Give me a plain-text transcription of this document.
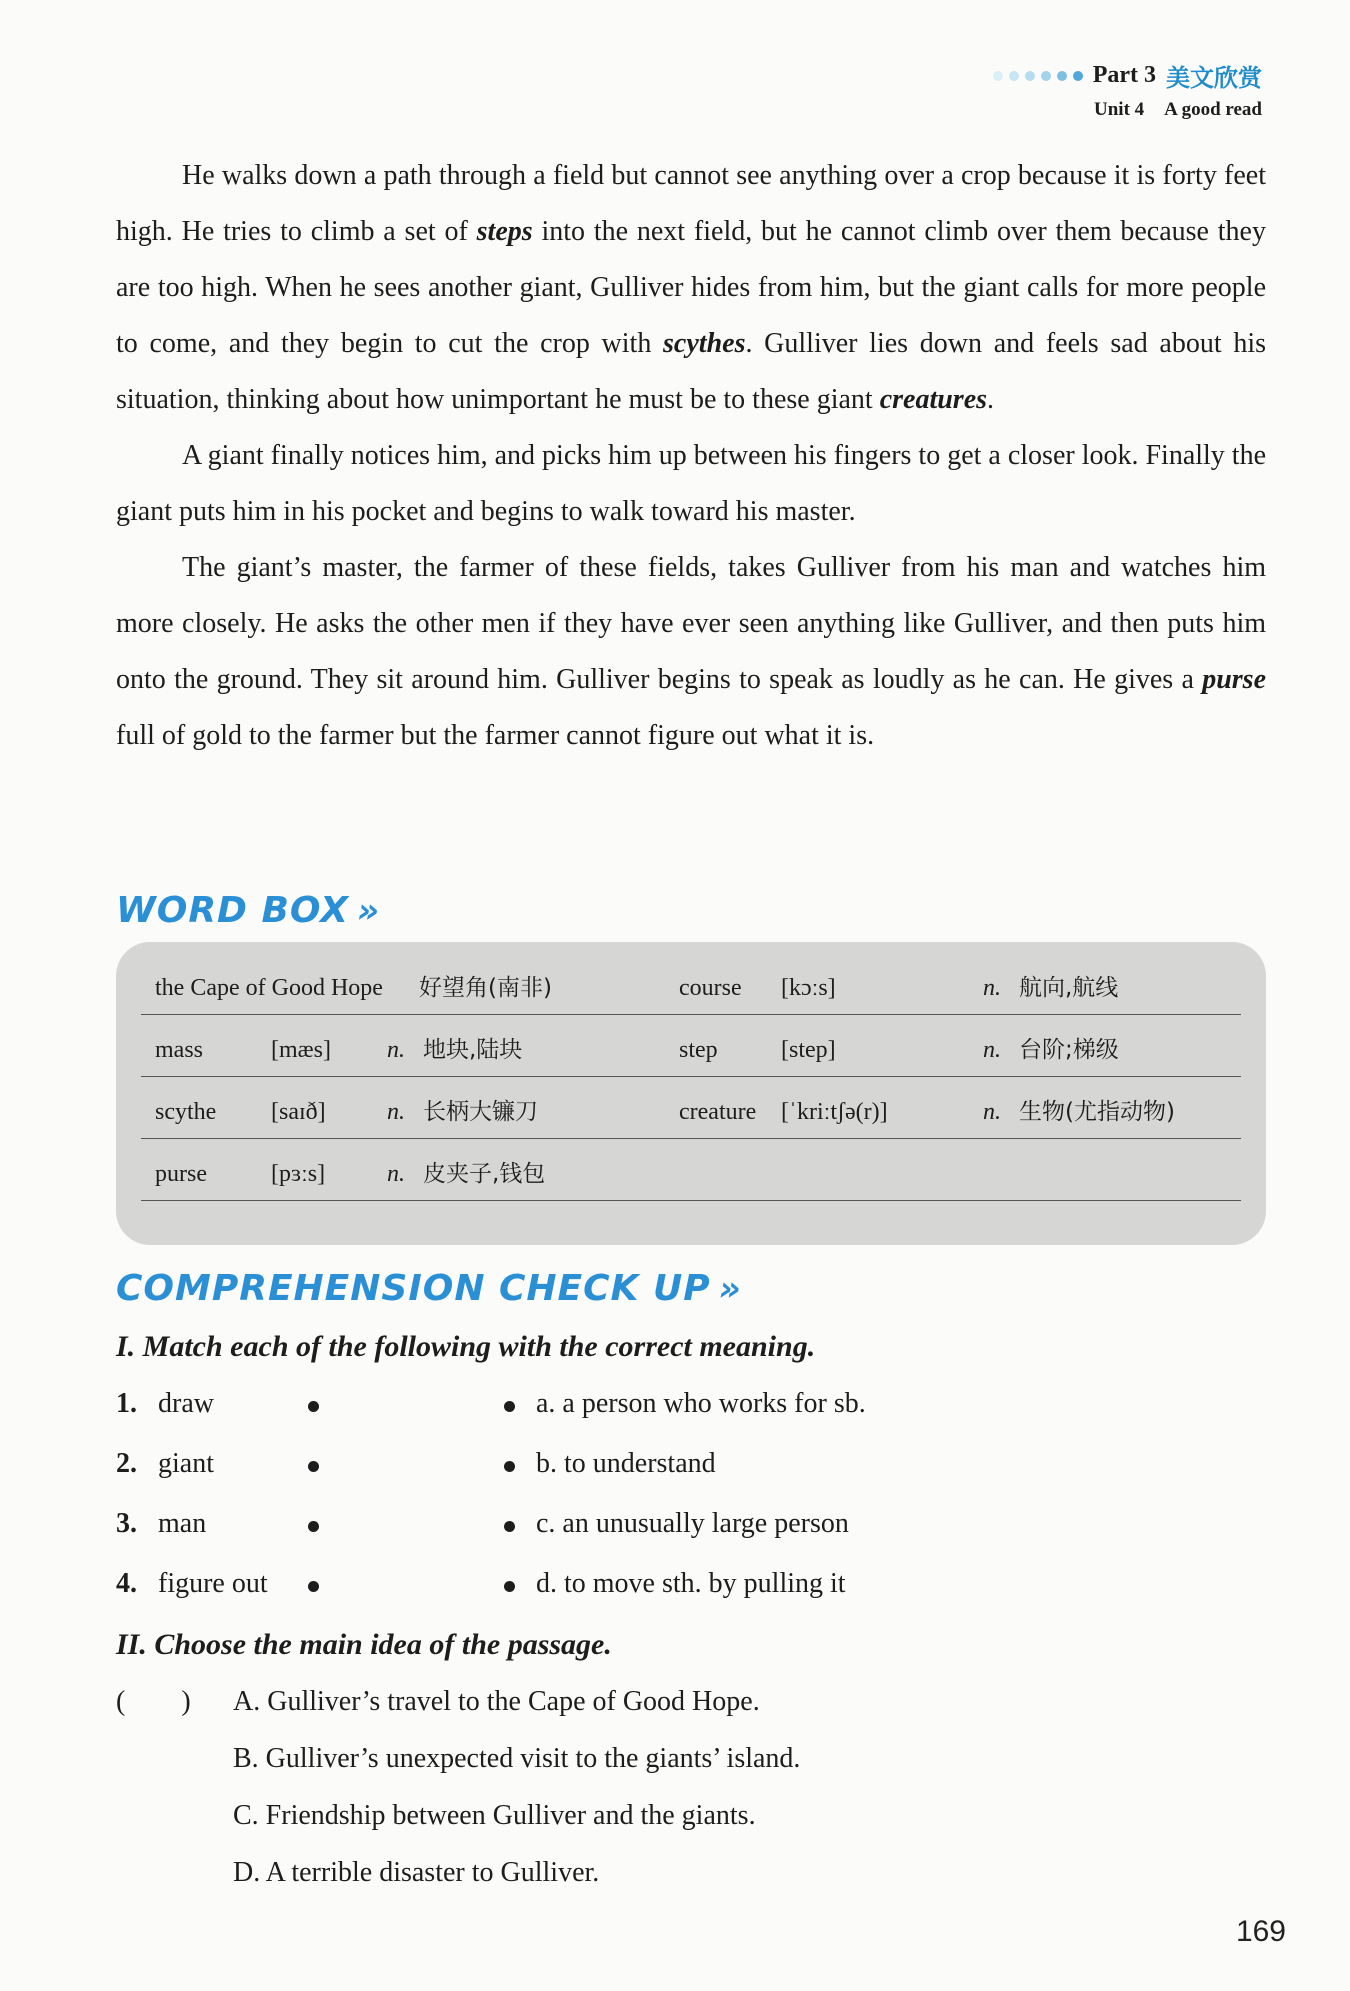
Part 3 美文欣赏
Unit 4 A good read

He walks down a path through a field but cannot see anything over a crop because it is forty feet high. He tries to climb a set of steps into the next field, but he cannot climb over them because they are too high. When he sees another giant, Gulliver hides from him, but the giant calls for more people to come, and they begin to cut the crop with scythes. Gulliver lies down and feels sad about his situation, thinking about how unimportant he must be to these giant creatures.

A giant finally notices him, and picks him up between his fingers to get a closer look. Finally the giant puts him in his pocket and begins to walk toward his master.

The giant’s master, the farmer of these fields, takes Gulliver from his man and watches him more closely. He asks the other men if they have ever seen anything like Gulliver, and then puts him onto the ground. They sit around him. Gulliver begins to speak as loudly as he can. He gives a purse full of gold to the farmer but the farmer cannot figure out what it is.

WORD BOX »
the Cape of Good Hope 好望角(南非)	course [kɔːs]	n. 航向,航线
mass	[mæs] n. 地块,陆块	step	[step]	n. 台阶;梯级
scythe [saɪð]	n. 长柄大镰刀	creature [ˈkriːtʃə(r)]	n. 生物(尤指动物)
purse	[pɜːs]	n. 皮夹子,钱包
COMPREHENSION CHECK UP »
I. Match each of the following with the correct meaning.
1. draw	a. a person who works for sb.
2. giant	b. to understand
3. man	c. an unusually large person
4. figure out	d. to move sth. by pulling it
II. Choose the main idea of the passage.
(        ) A. Gulliver’s travel to the Cape of Good Hope.
B. Gulliver’s unexpected visit to the giants’ island.
C. Friendship between Gulliver and the giants.
D. A terrible disaster to Gulliver.
169
